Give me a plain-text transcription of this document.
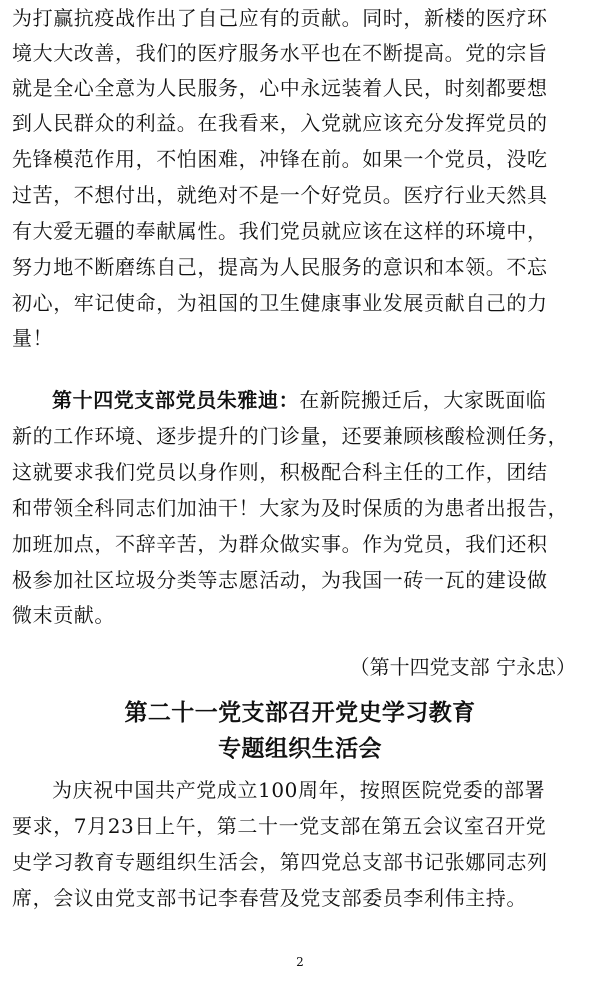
为打赢抗疫战作出了自己应有的贡献。同时，新楼的医疗环
境大大改善，我们的医疗服务水平也在不断提高。党的宗旨
就是全心全意为人民服务，心中永远装着人民，时刻都要想
到人民群众的利益。在我看来，入党就应该充分发挥党员的
先锋模范作用，不怕困难，冲锋在前。如果一个党员，没吃
过苦，不想付出，就绝对不是一个好党员。医疗行业天然具
有大爱无疆的奉献属性。我们党员就应该在这样的环境中，
努力地不断磨练自己，提高为人民服务的意识和本领。不忘
初心，牢记使命，为祖国的卫生健康事业发展贡献自己的力
量！
第十四党支部党员朱雅迪：在新院搬迁后，大家既面临
新的工作环境、逐步提升的门诊量，还要兼顾核酸检测任务，
这就要求我们党员以身作则，积极配合科主任的工作，团结
和带领全科同志们加油干！大家为及时保质的为患者出报告，
加班加点，不辞辛苦，为群众做实事。作为党员，我们还积
极参加社区垃圾分类等志愿活动，为我国一砖一瓦的建设做
微末贡献。
（第十四党支部 宁永忠）
第二十一党支部召开党史学习教育
专题组织生活会
为庆祝中国共产党成立100周年，按照医院党委的部署
要求，7月23日上午，第二十一党支部在第五会议室召开党
史学习教育专题组织生活会，第四党总支部书记张娜同志列
席，会议由党支部书记李春营及党支部委员李利伟主持。
2
